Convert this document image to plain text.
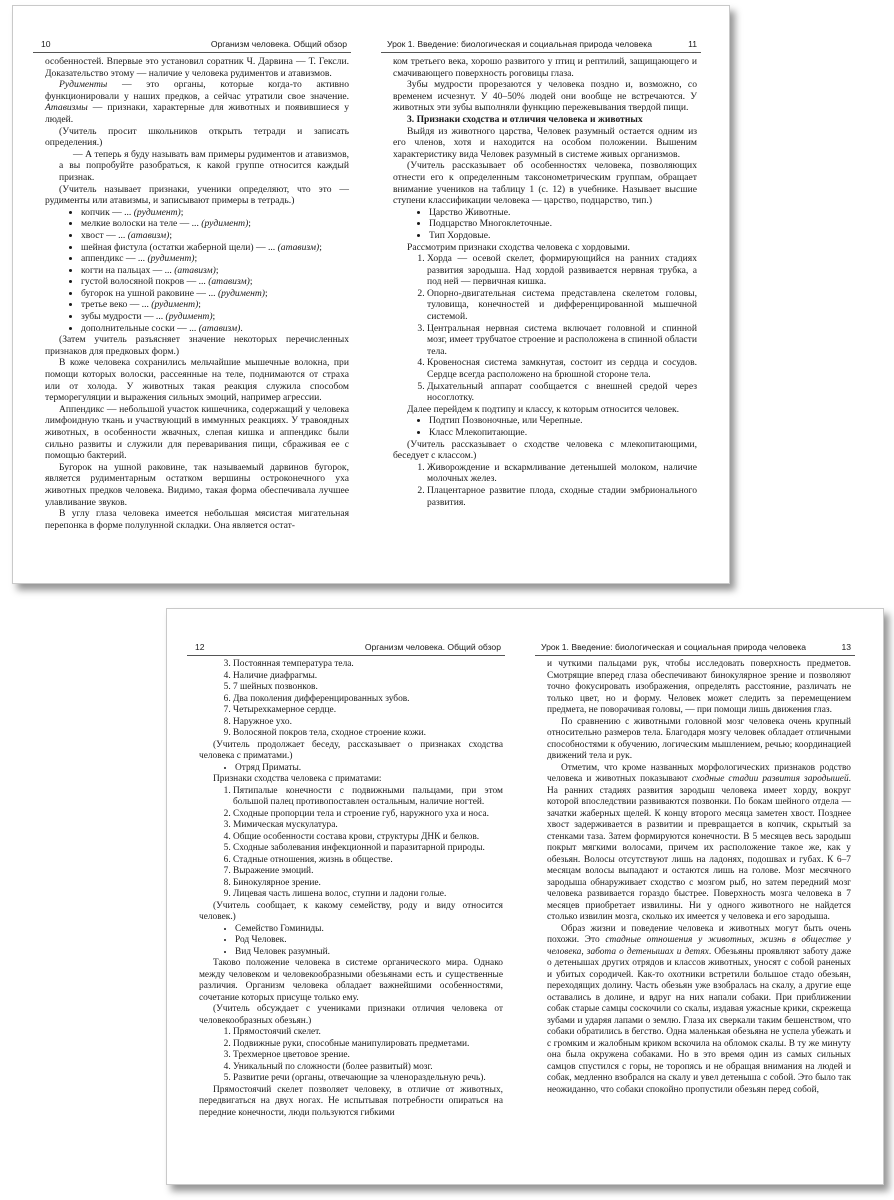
10	Организм человека. Общий обзор

особенностей. Впервые это установил соратник Ч. Дарвина — Т. Гексли. Доказательство этому — наличие у человека рудиментов и атавизмов.

Рудименты — это органы, которые когда-то активно функционировали у наших предков, а сейчас утратили свое значение. Атавизмы — признаки, характерные для животных и появившиеся у людей.

(Учитель просит школьников открыть тетради и записать определения.)

— А теперь я буду называть вам примеры рудиментов и атавизмов, а вы попробуйте разобраться, к какой группе относится каждый признак.

(Учитель называет признаки, ученики определяют, что это — рудименты или атавизмы, и записывают примеры в тетрадь.)

• копчик — ... (рудимент);
• мелкие волоски на теле — ... (рудимент);
• хвост — ... (атавизм);
• шейная фистула (остатки жаберной щели) — ... (атавизм);
• аппендикс — ... (рудимент);
• когти на пальцах — ... (атавизм);
• густой волосяной покров — ... (атавизм);
• бугорок на ушной раковине — ... (рудимент);
• третье веко — ... (рудимент);
• зубы мудрости — ... (рудимент);
• дополнительные соски — ... (атавизм).

(Затем учитель разъясняет значение некоторых перечисленных признаков для предковых форм.)

В коже человека сохранились мельчайшие мышечные волокна, при помощи которых волоски, рассеянные на теле, поднимаются от страха или от холода. У животных такая реакция служила способом терморегуляции и выражения сильных эмоций, например агрессии.

Аппендикс — небольшой участок кишечника, содержащий у человека лимфоидную ткань и участвующий в иммунных реакциях. У травоядных животных, в особенности жвачных, слепая кишка и аппендикс были сильно развиты и служили для переваривания пищи, сбраживая ее с помощью бактерий.

Бугорок на ушной раковине, так называемый дарвинов бугорок, является рудиментарным остатком вершины остроконечного уха животных предков человека. Видимо, такая форма обеспечивала лучшее улавливание звуков.

В углу глаза человека имеется небольшая мясистая мигательная перепонка в форме полулунной складки. Она является остат-

Урок 1. Введение: биологическая и социальная природа человека	11

ком третьего века, хорошо развитого у птиц и рептилий, защищающего и смачивающего поверхность роговицы глаза.

Зубы мудрости прорезаются у человека поздно и, возможно, со временем исчезнут. У 40–50% людей они вообще не встречаются. У животных эти зубы выполняли функцию пережевывания твердой пищи.

3. Признаки сходства и отличия человека и животных

Выйдя из животного царства, Человек разумный остается одним из его членов, хотя и находится на особом положении. Вышеним характеристику вида Человек разумный в системе живых организмов.

(Учитель рассказывает об особенностях человека, позволяющих отнести его к определенным таксонометрическим группам, обращает внимание учеников на таблицу 1 (с. 12) в учебнике. Называет высшие ступени классификации человека — царство, подцарство, тип.)

• Царство Животные.
• Подцарство Многоклеточные.
• Тип Хордовые.

Рассмотрим признаки сходства человека с хордовыми.

1. Хорда — осевой скелет, формирующийся на ранних стадиях развития зародыша. Над хордой развивается нервная трубка, а под ней — первичная кишка.
2. Опорно-двигательная система представлена скелетом головы, туловища, конечностей и дифференцированной мышечной системой.
3. Центральная нервная система включает головной и спинной мозг, имеет трубчатое строение и расположена в спинной области тела.
4. Кровеносная система замкнутая, состоит из сердца и сосудов. Сердце всегда расположено на брюшной стороне тела.
5. Дыхательный аппарат сообщается с внешней средой через носоглотку.

Далее перейдем к подтипу и классу, к которым относится человек.

• Подтип Позвоночные, или Черепные.
• Класс Млекопитающие.

(Учитель рассказывает о сходстве человека с млекопитающими, беседует с классом.)

1. Живорождение и вскармливание детенышей молоком, наличие молочных желез.
2. Плацентарное развитие плода, сходные стадии эмбрионального развития.
12	Организм человека. Общий обзор
3. Постоянная температура тела.
4. Наличие диафрагмы.
5. 7 шейных позвонков.
6. Два поколения дифференцированных зубов.
7. Четырехкамерное сердце.
8. Наружное ухо.
9. Волосяной покров тела, сходное строение кожи.

(Учитель продолжает беседу, рассказывает о признаках сходства человека с приматами.)

• Отряд Приматы.

Признаки сходства человека с приматами:

1. Пятипалые конечности с подвижными пальцами, при этом большой палец противопоставлен остальным, наличие ногтей.
2. Сходные пропорции тела и строение губ, наружного уха и носа.
3. Мимическая мускулатура.
4. Общие особенности состава крови, структуры ДНК и белков.
5. Сходные заболевания инфекционной и паразитарной природы.
6. Стадные отношения, жизнь в обществе.
7. Выражение эмоций.
8. Бинокулярное зрение.
9. Лицевая часть лишена волос, ступни и ладони голые.

(Учитель сообщает, к какому семейству, роду и виду относится человек.)

• Семейство Гоминиды.
• Род Человек.
• Вид Человек разумный.

Таково положение человека в системе органического мира. Однако между человеком и человекообразными обезьянами есть и существенные различия. Организм человека обладает важнейшими особенностями, сочетание которых присуще только ему.

(Учитель обсуждает с учениками признаки отличия человека от человекообразных обезьян.)

1. Прямостоячий скелет.
2. Подвижные руки, способные манипулировать предметами.
3. Трехмерное цветовое зрение.
4. Уникальный по сложности (более развитый) мозг.
5. Развитие речи (органы, отвечающие за членораздельную речь).

Прямостоячий скелет позволяет человеку, в отличие от животных, передвигаться на двух ногах. Не испытывая потребности опираться на передние конечности, люди пользуются гибкими

Урок 1. Введение: биологическая и социальная природа человека	13

и чуткими пальцами рук, чтобы исследовать поверхность предметов. Смотрящие вперед глаза обеспечивают бинокулярное зрение и позволяют точно фокусировать изображения, определять расстояние, различать не только цвет, но и форму. Человек может следить за перемещением предмета, не поворачивая головы, — при помощи лишь движения глаз.

По сравнению с животными головной мозг человека очень крупный относительно размеров тела. Благодаря мозгу человек обладает отличными способностями к обучению, логическим мышлением, речью; координацией движений тела и рук.

Отметим, что кроме названных морфологических признаков родство человека и животных показывают сходные стадии развития зародышей. На ранних стадиях развития зародыш человека имеет хорду, вокруг которой впоследствии развиваются позвонки. По бокам шейного отдела — зачатки жаберных щелей. К концу второго месяца заметен хвост. Позднее хвост задерживается в развитии и превращается в копчик, скрытый за стенками таза. Затем формируются конечности. В 5 месяцев весь зародыш покрыт мягкими волосами, причем их расположение такое же, как у обезьян. Волосы отсутствуют лишь на ладонях, подошвах и губах. К 6–7 месяцам волосы выпадают и остаются лишь на голове. Мозг месячного зародыша обнаруживает сходство с мозгом рыб, но затем передний мозг человека развивается гораздо быстрее. Поверхность мозга человека в 7 месяцев приобретает извилины. Ни у одного животного не найдется столько извилин мозга, сколько их имеется у человека и его зародыша.

Образ жизни и поведение человека и животных могут быть очень похожи. Это стадные отношения у животных, жизнь в обществе у человека, забота о детенышах и детях. Обезьяны проявляют заботу даже о детенышах других отрядов и классов животных, уносят с собой раненых и убитых сородичей. Как-то охотники встретили большое стадо обезьян, переходящих долину. Часть обезьян уже взобралась на скалу, а другие еще оставались в долине, и вдруг на них напали собаки. При приближении собак старые самцы соскочили со скалы, издавая ужасные крики, скрежеща зубами и ударяя лапами о землю. Глаза их сверкали таким бешенством, что собаки обратились в бегство. Одна маленькая обезьяна не успела убежать и с громким и жалобным криком вскочила на обломок скалы. В ту же минуту она была окружена собаками. Но в это время один из самых сильных самцов спустился с горы, не торопясь и не обращая внимания на людей и собак, медленно взобрался на скалу и увел детеныша с собой. Это было так неожиданно, что собаки спокойно пропустили обезьян перед собой,
